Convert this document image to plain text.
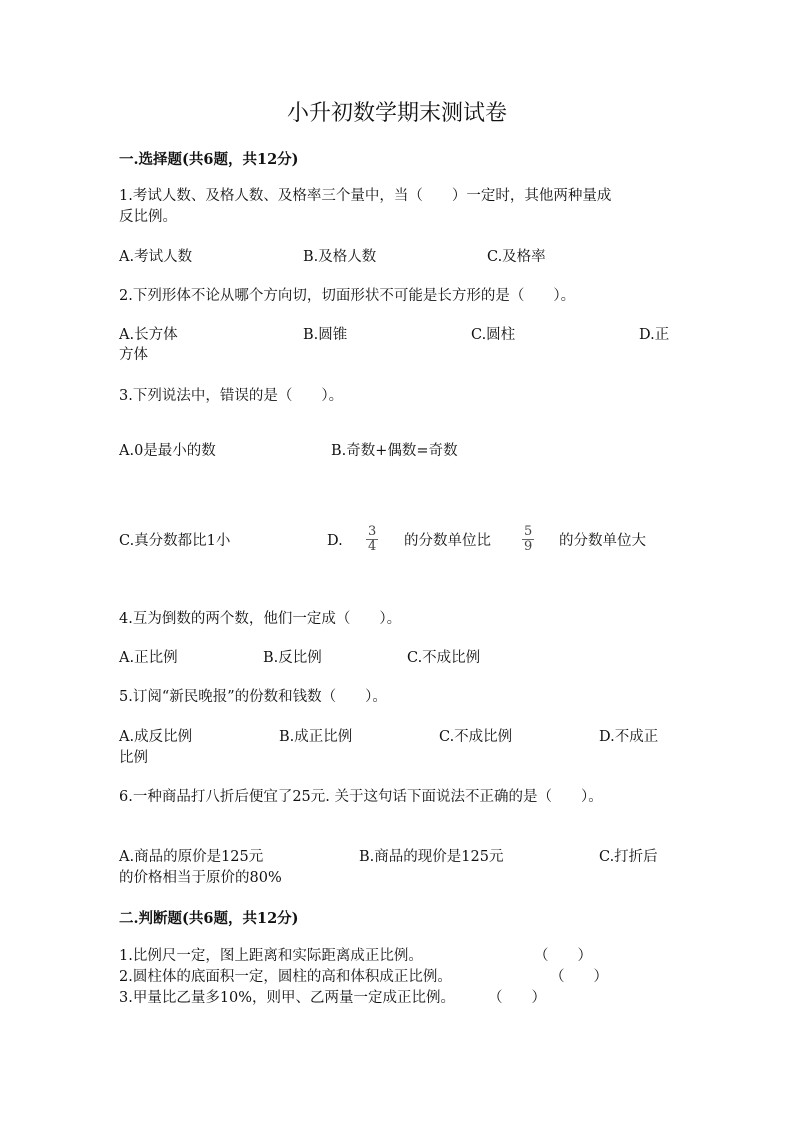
小升初数学期末测试卷
一.选择题(共6题，共12分)
1.考试人数、及格人数、及格率三个量中，当（　　）一定时，其他两种量成
反比例。
A.考试人数	B.及格人数	C.及格率
2.下列形体不论从哪个方向切，切面形状不可能是长方形的是（　　）。
A.长方体	B.圆锥	C.圆柱	D.正
方体
3.下列说法中，错误的是（　　）。
A.0是最小的数	B.奇数+偶数=奇数
C.真分数都比1小	D. $\frac{3}{4}$ 的分数单位比 $\frac{5}{9}$ 的分数单位大
4.互为倒数的两个数，他们一定成（　　）。
A.正比例	B.反比例	C.不成比例
5.订阅“新民晚报”的份数和钱数（　　）。
A.成反比例	B.成正比例	C.不成比例	D.不成正
比例
6.一种商品打八折后便宜了25元. 关于这句话下面说法不正确的是（　　）。
A.商品的原价是125元	B.商品的现价是125元	C.打折后
的价格相当于原价的80%
二.判断题(共6题，共12分)
1.比例尺一定，图上距离和实际距离成正比例。	（　　）
2.圆柱体的底面积一定，圆柱的高和体积成正比例。	（　　）
3.甲量比乙量多10%，则甲、乙两量一定成正比例。 （　　）
